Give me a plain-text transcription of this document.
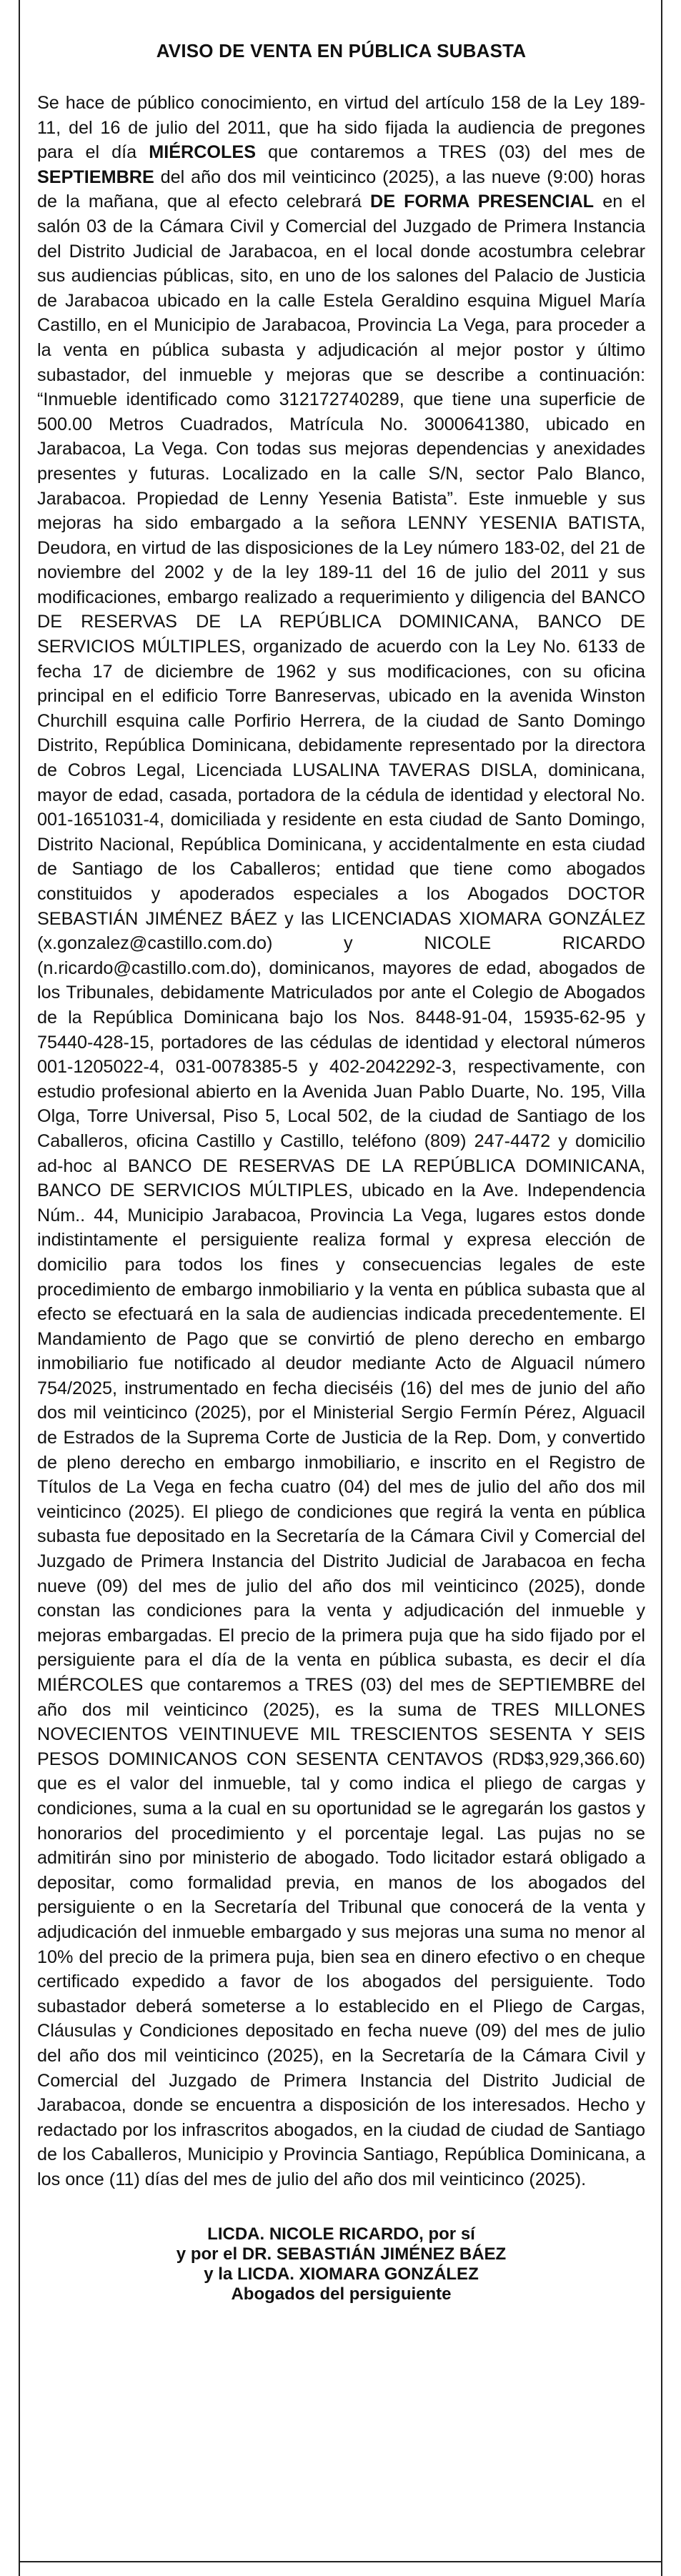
AVISO DE VENTA EN PÚBLICA SUBASTA

Se hace de público conocimiento, en virtud del artículo 158 de la Ley 189-11, del 16 de julio del 2011, que ha sido fijada la audiencia de pregones para el día MIÉRCOLES que contaremos a TRES (03) del mes de SEPTIEMBRE del año dos mil veinticinco (2025), a las nueve (9:00) horas de la mañana, que al efecto celebrará DE FORMA PRESENCIAL en el salón 03 de la Cámara Civil y Comercial del Juzgado de Primera Instancia del Distrito Judicial de Jarabacoa, en el local donde acostumbra celebrar sus audiencias públicas, sito, en uno de los salones del Palacio de Justicia de Jarabacoa ubicado en la calle Estela Geraldino esquina Miguel María Castillo, en el Municipio de Jarabacoa, Provincia La Vega, para proceder a la venta en pública subasta y adjudicación al mejor postor y último subastador, del inmueble y mejoras que se describe a continuación: “Inmueble identificado como 312172740289, que tiene una superficie de 500.00 Metros Cuadrados, Matrícula No. 3000641380, ubicado en Jarabacoa, La Vega. Con todas sus mejoras dependencias y anexidades presentes y futuras. Localizado en la calle S/N, sector Palo Blanco, Jarabacoa. Propiedad de Lenny Yesenia Batista”. Este inmueble y sus mejoras ha sido embargado a la señora LENNY YESENIA BATISTA, Deudora, en virtud de las disposiciones de la Ley número 183-02, del 21 de noviembre del 2002 y de la ley 189-11 del 16 de julio del 2011 y sus modificaciones, embargo realizado a requerimiento y diligencia del BANCO DE RESERVAS DE LA REPÚBLICA DOMINICANA, BANCO DE SERVICIOS MÚLTIPLES, organizado de acuerdo con la Ley No. 6133 de fecha 17 de diciembre de 1962 y sus modificaciones, con su oficina principal en el edificio Torre Banreservas, ubicado en la avenida Winston Churchill esquina calle Porfirio Herrera, de la ciudad de Santo Domingo Distrito, República Dominicana, debidamente representado por la directora de Cobros Legal, Licenciada LUSALINA TAVERAS DISLA, dominicana, mayor de edad, casada, portadora de la cédula de identidad y electoral No. 001-1651031-4, domiciliada y residente en esta ciudad de Santo Domingo, Distrito Nacional, República Dominicana, y accidentalmente en esta ciudad de Santiago de los Caballeros; entidad que tiene como abogados constituidos y apoderados especiales a los Abogados DOCTOR SEBASTIÁN JIMÉNEZ BÁEZ y las LICENCIADAS XIOMARA GONZÁLEZ (x.gonzalez@castillo.com.do) y NICOLE RICARDO (n.ricardo@castillo.com.do), dominicanos, mayores de edad, abogados de los Tribunales, debidamente Matriculados por ante el Colegio de Abogados de la República Dominicana bajo los Nos. 8448-91-04, 15935-62-95 y 75440-428-15, portadores de las cédulas de identidad y electoral números 001-1205022-4, 031-0078385-5 y 402-2042292-3, respectivamente, con estudio profesional abierto en la Avenida Juan Pablo Duarte, No. 195, Villa Olga, Torre Universal, Piso 5, Local 502, de la ciudad de Santiago de los Caballeros, oficina Castillo y Castillo, teléfono (809) 247-4472 y domicilio ad-hoc al BANCO DE RESERVAS DE LA REPÚBLICA DOMINICANA, BANCO DE SERVICIOS MÚLTIPLES, ubicado en la Ave. Independencia Núm.. 44, Municipio Jarabacoa, Provincia La Vega, lugares estos donde indistintamente el persiguiente realiza formal y expresa elección de domicilio para todos los fines y consecuencias legales de este procedimiento de embargo inmobiliario y la venta en pública subasta que al efecto se efectuará en la sala de audiencias indicada precedentemente. El Mandamiento de Pago que se convirtió de pleno derecho en embargo inmobiliario fue notificado al deudor mediante Acto de Alguacil número 754/2025, instrumentado en fecha dieciséis (16) del mes de junio del año dos mil veinticinco (2025), por el Ministerial Sergio Fermín Pérez, Alguacil de Estrados de la Suprema Corte de Justicia de la Rep. Dom, y convertido de pleno derecho en embargo inmobiliario, e inscrito en el Registro de Títulos de La Vega en fecha cuatro (04) del mes de julio del año dos mil veinticinco (2025). El pliego de condiciones que regirá la venta en pública subasta fue depositado en la Secretaría de la Cámara Civil y Comercial del Juzgado de Primera Instancia del Distrito Judicial de Jarabacoa en fecha nueve (09) del mes de julio del año dos mil veinticinco (2025), donde constan las condiciones para la venta y adjudicación del inmueble y mejoras embargadas. El precio de la primera puja que ha sido fijado por el persiguiente para el día de la venta en pública subasta, es decir el día MIÉRCOLES que contaremos a TRES (03) del mes de SEPTIEMBRE del año dos mil veinticinco (2025), es la suma de TRES MILLONES NOVECIENTOS VEINTINUEVE MIL TRESCIENTOS SESENTA Y SEIS PESOS DOMINICANOS CON SESENTA CENTAVOS (RD$3,929,366.60) que es el valor del inmueble, tal y como indica el pliego de cargas y condiciones, suma a la cual en su oportunidad se le agregarán los gastos y honorarios del procedimiento y el porcentaje legal. Las pujas no se admitirán sino por ministerio de abogado. Todo licitador estará obligado a depositar, como formalidad previa, en manos de los abogados del persiguiente o en la Secretaría del Tribunal que conocerá de la venta y adjudicación del inmueble embargado y sus mejoras una suma no menor al 10% del precio de la primera puja, bien sea en dinero efectivo o en cheque certificado expedido a favor de los abogados del persiguiente. Todo subastador deberá someterse a lo establecido en el Pliego de Cargas, Cláusulas y Condiciones depositado en fecha nueve (09) del mes de julio del año dos mil veinticinco (2025), en la Secretaría de la Cámara Civil y Comercial del Juzgado de Primera Instancia del Distrito Judicial de Jarabacoa, donde se encuentra a disposición de los interesados. Hecho y redactado por los infrascritos abogados, en la ciudad de ciudad de Santiago de los Caballeros, Municipio y Provincia Santiago, República Dominicana, a los once (11) días del mes de julio del año dos mil veinticinco (2025).

LICDA. NICOLE RICARDO, por sí
y por el DR. SEBASTIÁN JIMÉNEZ BÁEZ
y la LICDA. XIOMARA GONZÁLEZ
Abogados del persiguiente
